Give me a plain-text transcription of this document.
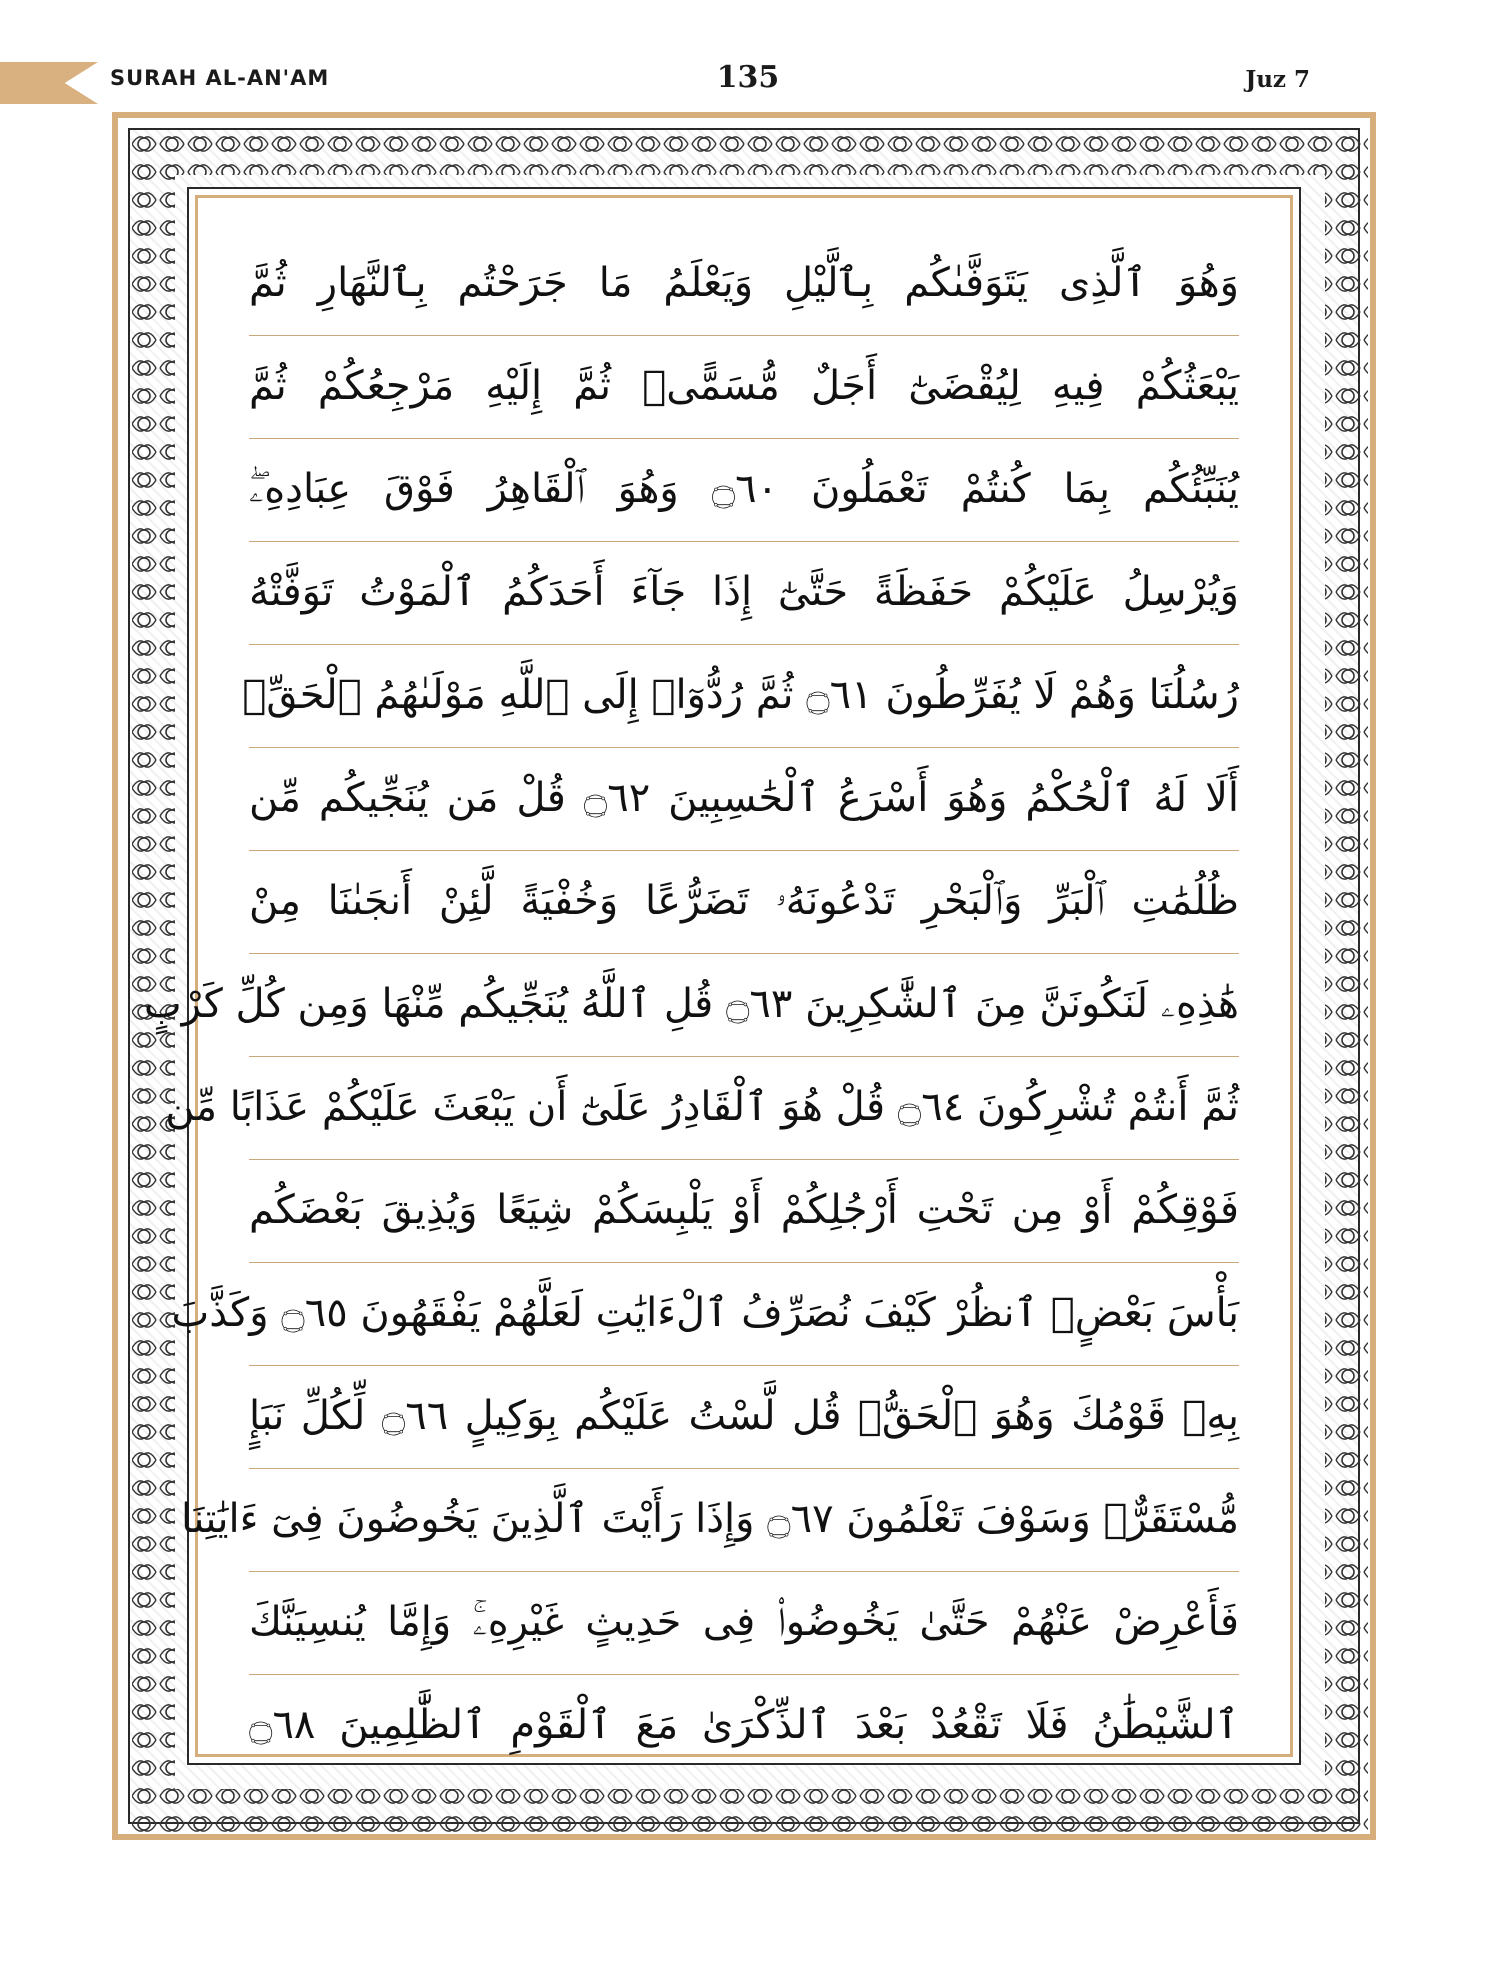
SURAH AL-AN'AM	135	Juz 7
وَهُوَ ٱلَّذِى يَتَوَفَّىٰكُم بِٱلَّيْلِ وَيَعْلَمُ مَا جَرَحْتُم بِٱلنَّهَارِ ثُمَّ
يَبْعَثُكُمْ فِيهِ لِيُقْضَىٰٓ أَجَلٌ مُّسَمًّىۖ ثُمَّ إِلَيْهِ مَرْجِعُكُمْ ثُمَّ
يُنَبِّئُكُم بِمَا كُنتُمْ تَعْمَلُونَ ۝٦٠ وَهُوَ ٱلْقَاهِرُ فَوْقَ عِبَادِهِۦۖ
وَيُرْسِلُ عَلَيْكُمْ حَفَظَةً حَتَّىٰٓ إِذَا جَآءَ أَحَدَكُمُ ٱلْمَوْتُ تَوَفَّتْهُ
رُسُلُنَا وَهُمْ لَا يُفَرِّطُونَ ۝٦١ ثُمَّ رُدُّوٓا۟ إِلَى ٱللَّهِ مَوْلَىٰهُمُ ٱلْحَقِّۚ
أَلَا لَهُ ٱلْحُكْمُ وَهُوَ أَسْرَعُ ٱلْحَٰسِبِينَ ۝٦٢ قُلْ مَن يُنَجِّيكُم مِّن
ظُلُمَٰتِ ٱلْبَرِّ وَٱلْبَحْرِ تَدْعُونَهُۥ تَضَرُّعًا وَخُفْيَةً لَّئِنْ أَنجَىٰنَا مِنْ
هَٰذِهِۦ لَنَكُونَنَّ مِنَ ٱلشَّٰكِرِينَ ۝٦٣ قُلِ ٱللَّهُ يُنَجِّيكُم مِّنْهَا وَمِن كُلِّ كَرْبٍ
ثُمَّ أَنتُمْ تُشْرِكُونَ ۝٦٤ قُلْ هُوَ ٱلْقَادِرُ عَلَىٰٓ أَن يَبْعَثَ عَلَيْكُمْ عَذَابًا مِّن
فَوْقِكُمْ أَوْ مِن تَحْتِ أَرْجُلِكُمْ أَوْ يَلْبِسَكُمْ شِيَعًا وَيُذِيقَ بَعْضَكُم
بَأْسَ بَعْضٍۗ ٱنظُرْ كَيْفَ نُصَرِّفُ ٱلْءَايَٰتِ لَعَلَّهُمْ يَفْقَهُونَ ۝٦٥ وَكَذَّبَ
بِهِۦ قَوْمُكَ وَهُوَ ٱلْحَقُّۚ قُل لَّسْتُ عَلَيْكُم بِوَكِيلٍ ۝٦٦ لِّكُلِّ نَبَإٍ
مُّسْتَقَرٌّۚ وَسَوْفَ تَعْلَمُونَ ۝٦٧ وَإِذَا رَأَيْتَ ٱلَّذِينَ يَخُوضُونَ فِىٓ ءَايَٰتِنَا
فَأَعْرِضْ عَنْهُمْ حَتَّىٰ يَخُوضُوا۟ فِى حَدِيثٍ غَيْرِهِۦۚ وَإِمَّا يُنسِيَنَّكَ
ٱلشَّيْطَٰنُ فَلَا تَقْعُدْ بَعْدَ ٱلذِّكْرَىٰ مَعَ ٱلْقَوْمِ ٱلظَّٰلِمِينَ ۝٦٨
